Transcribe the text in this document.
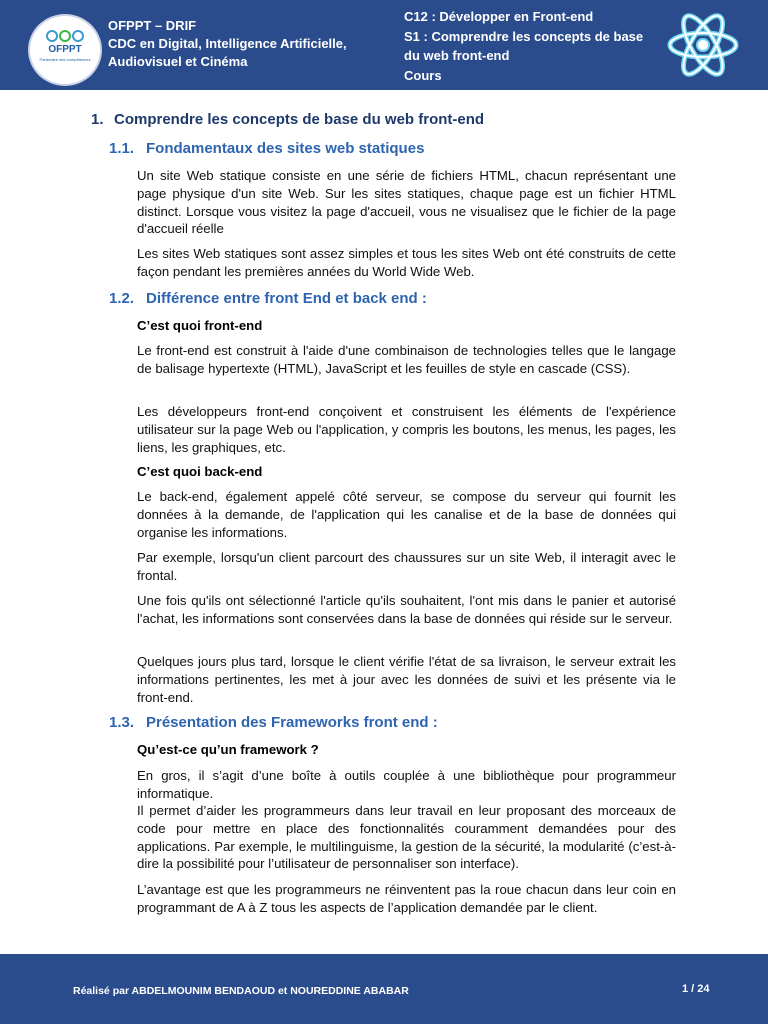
OFPPT
Partenaire des compétences
OFPPT – DRIF
CDC en Digital, Intelligence Artificielle,
Audiovisuel et Cinéma
C12 : Développer en Front-end
S1 : Comprendre les concepts de base
du web front-end
Cours
1. Comprendre les concepts de base du web front-end
1.1. Fondamentaux des sites web statiques
Un site Web statique consiste en une série de fichiers HTML, chacun représentant une page physique d'un site Web. Sur les sites statiques, chaque page est un fichier HTML distinct. Lorsque vous visitez la page d'accueil, vous ne visualisez que le fichier de la page d'accueil réelle
Les sites Web statiques sont assez simples et tous les sites Web ont été construits de cette façon pendant les premières années du World Wide Web.
1.2. Différence entre front End et back end :
C’est quoi front-end
Le front-end est construit à l'aide d'une combinaison de technologies telles que le langage de balisage hypertexte (HTML), JavaScript et les feuilles de style en cascade (CSS).
Les développeurs front-end conçoivent et construisent les éléments de l'expérience utilisateur sur la page Web ou l'application, y compris les boutons, les menus, les pages, les liens, les graphiques, etc.
C’est quoi back-end
Le back-end, également appelé côté serveur, se compose du serveur qui fournit les données à la demande, de l'application qui les canalise et de la base de données qui organise les informations.
Par exemple, lorsqu'un client parcourt des chaussures sur un site Web, il interagit avec le frontal.
Une fois qu'ils ont sélectionné l'article qu'ils souhaitent, l'ont mis dans le panier et autorisé l'achat, les informations sont conservées dans la base de données qui réside sur le serveur.
Quelques jours plus tard, lorsque le client vérifie l'état de sa livraison, le serveur extrait les informations pertinentes, les met à jour avec les données de suivi et les présente via le front-end.
1.3. Présentation des Frameworks front end :
Qu’est-ce qu’un framework ?
En gros, il s’agit d’une boîte à outils couplée à une bibliothèque pour programmeur informatique.
Il permet d’aider les programmeurs dans leur travail en leur proposant des morceaux de code pour mettre en place des fonctionnalités couramment demandées pour des applications. Par exemple, le multilinguisme, la gestion de la sécurité, la modularité (c’est-à-dire la possibilité pour l’utilisateur de personnaliser son interface).
L’avantage est que les programmeurs ne réinventent pas la roue chacun dans leur coin en programmant de A à Z tous les aspects de l’application demandée par le client.
Réalisé par ABDELMOUNIM BENDAOUD et NOUREDDINE ABABAR	1 / 24
